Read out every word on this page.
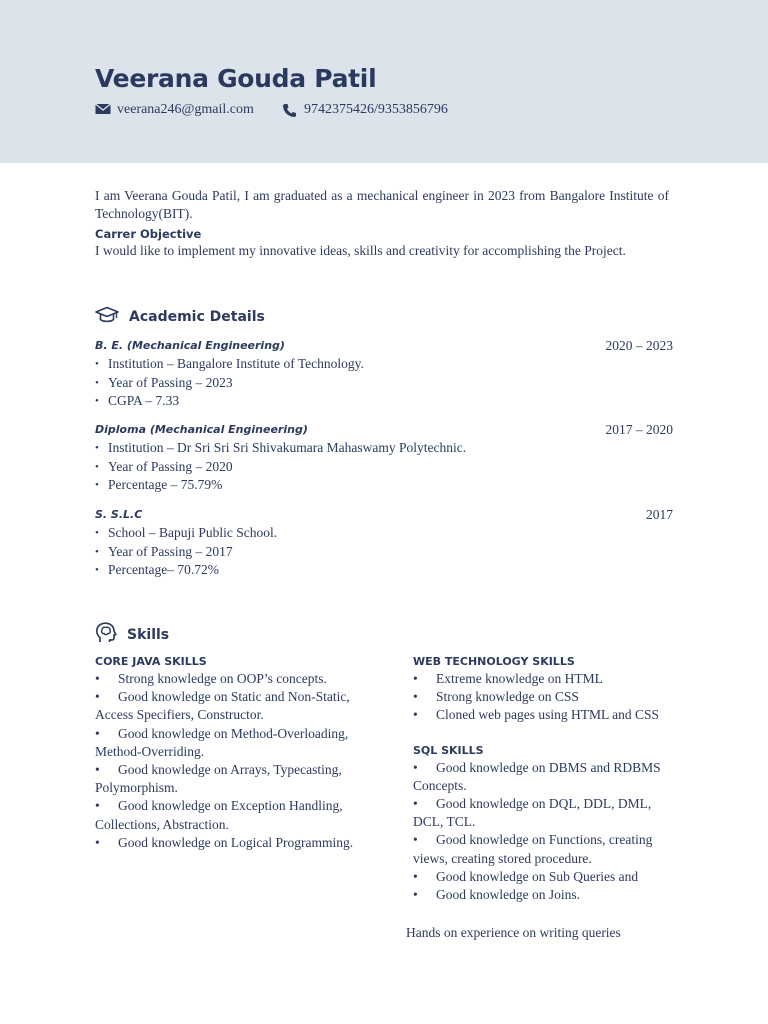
Veerana Gouda Patil
veerana246@gmail.com	9742375426/9353856796
I am Veerana Gouda Patil, I am graduated as a mechanical engineer in 2023 from Bangalore Institute of Technology(BIT).
Carrer Objective
I would like to implement my innovative ideas, skills and creativity for accomplishing the Project.
Academic Details
B. E. (Mechanical Engineering)	2020 – 2023
• Institution – Bangalore Institute of Technology.
• Year of Passing – 2023
• CGPA – 7.33
Diploma (Mechanical Engineering)	2017 – 2020
• Institution – Dr Sri Sri Sri Shivakumara Mahaswamy Polytechnic.
• Year of Passing – 2020
• Percentage – 75.79%
S. S.L.C	2017
• School – Bapuji Public School.
• Year of Passing – 2017
• Percentage– 70.72%
Skills
CORE JAVA SKILLS
• Strong knowledge on OOP’s concepts.
• Good knowledge on Static and Non-Static, Access Specifiers, Constructor.
• Good knowledge on Method-Overloading, Method-Overriding.
• Good knowledge on Arrays, Typecasting, Polymorphism.
• Good knowledge on Exception Handling, Collections, Abstraction.
• Good knowledge on Logical Programming.
WEB TECHNOLOGY SKILLS
• Extreme knowledge on HTML
• Strong knowledge on CSS
• Cloned web pages using HTML and CSS
SQL SKILLS
• Good knowledge on DBMS and RDBMS Concepts.
• Good knowledge on DQL, DDL, DML, DCL, TCL.
• Good knowledge on Functions, creating views, creating stored procedure.
• Good knowledge on Sub Queries and
• Good knowledge on Joins.
Hands on experience on writing queries
